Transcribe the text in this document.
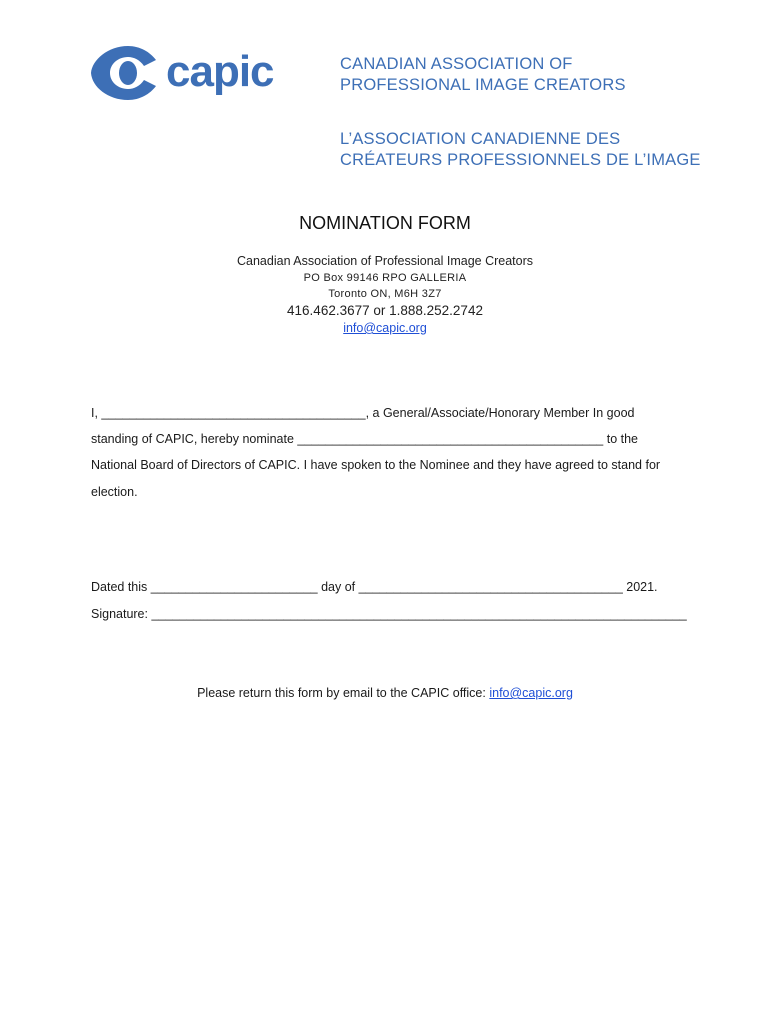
capic	CANADIAN ASSOCIATION OF
PROFESSIONAL IMAGE CREATORS
L’ASSOCIATION CANADIENNE DES
CRÉATEURS PROFESSIONNELS DE L’IMAGE
NOMINATION FORM
Canadian Association of Professional Image Creators
PO Box 99146 RPO GALLERIA
Toronto ON, M6H 3Z7
416.462.3677 or 1.888.252.2742
info@capic.org
I, ______________________________________, a General/Associate/Honorary Member In good
standing of CAPIC, hereby nominate ____________________________________________ to the
National Board of Directors of CAPIC. I have spoken to the Nominee and they have agreed to stand for
election.
Dated this ________________________ day of ______________________________________ 2021.
Signature: _____________________________________________________________________________
Please return this form by email to the CAPIC office: info@capic.org
